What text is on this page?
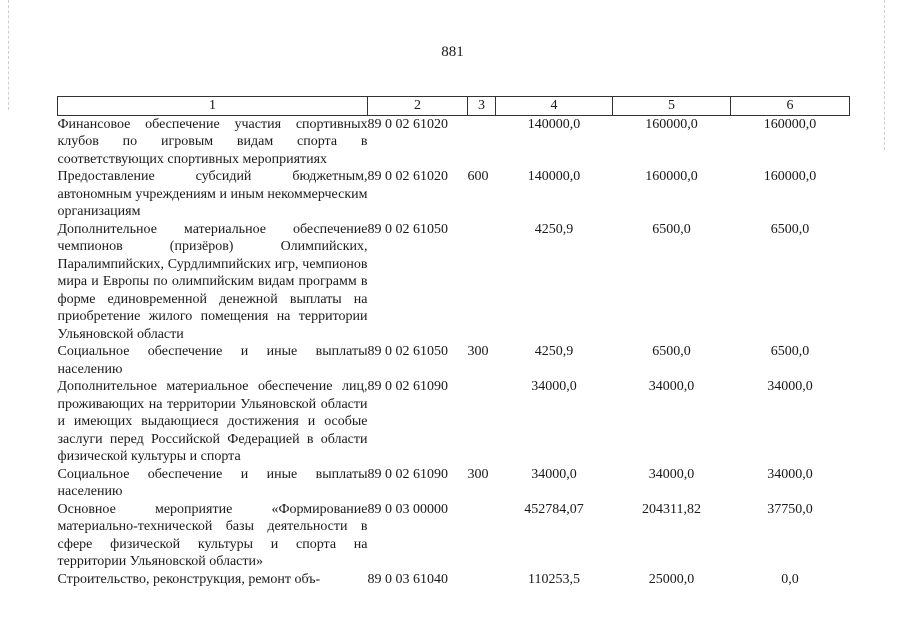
881
1	2	3	4	5	6
Финансовое обеспечение участия спортивных клубов по игровым видам спорта в соответствующих спортивных мероприятиях	89 0 02 61020		140000,0	160000,0	160000,0
Предоставление субсидий бюджетным, автономным учреждениям и иным некоммерческим организациям	89 0 02 61020	600	140000,0	160000,0	160000,0
Дополнительное материальное обеспечение чемпионов (призёров) Олимпийских, Паралимпийских, Сурдлимпийских игр, чемпионов мира и Европы по олимпийским видам программ в форме единовременной денежной выплаты на приобретение жилого помещения на территории Ульяновской области	89 0 02 61050		4250,9	6500,0	6500,0
Социальное обеспечение и иные выплаты населению	89 0 02 61050	300	4250,9	6500,0	6500,0
Дополнительное материальное обеспечение лиц, проживающих на территории Ульяновской области и имеющих выдающиеся достижения и особые заслуги перед Российской Федерацией в области физической культуры и спорта	89 0 02 61090		34000,0	34000,0	34000,0
Социальное обеспечение и иные выплаты населению	89 0 02 61090	300	34000,0	34000,0	34000,0
Основное мероприятие «Формирование материально-технической базы деятельности в сфере физической культуры и спорта на территории Ульяновской области»	89 0 03 00000		452784,07	204311,82	37750,0
Строительство, реконструкция, ремонт объ-	89 0 03 61040		110253,5	25000,0	0,0
